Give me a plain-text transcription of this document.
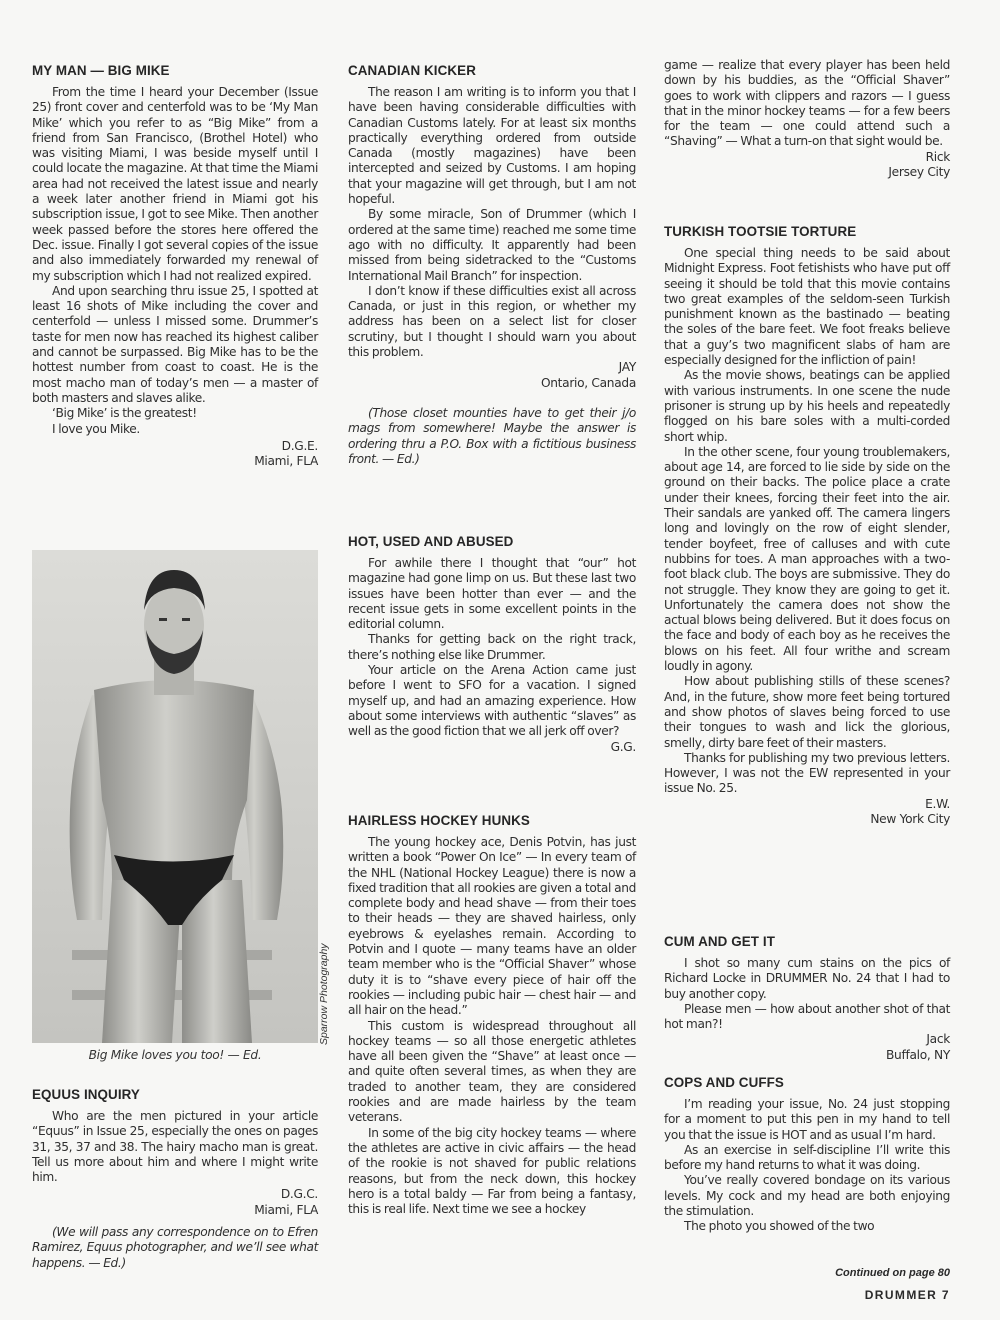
MY MAN — BIG MIKE

From the time I heard your December (Issue 25) front cover and centerfold was to be ‘My Man Mike’ which you refer to as “Big Mike” from a friend from San Francisco, (Brothel Hotel) who was visiting Miami, I was beside myself until I could locate the magazine. At that time the Miami area had not received the latest issue and nearly a week later another friend in Miami got his subscription issue, I got to see Mike. Then another week passed before the stores here offered the Dec. issue. Finally I got several copies of the issue and also immediately forwarded my renewal of my subscription which I had not realized expired.

And upon searching thru issue 25, I spotted at least 16 shots of Mike including the cover and centerfold — unless I missed some. Drummer’s taste for men now has reached its highest caliber and cannot be surpassed. Big Mike has to be the hottest number from coast to coast. He is the most macho man of today’s men — a master of both masters and slaves alike.

‘Big Mike’ is the greatest!

I love you Mike.

D.G.E.
Miami, FLA
Big Mike loves you too! — Ed.
EQUUS INQUIRY

Who are the men pictured in your article “Equus” in Issue 25, especially the ones on pages 31, 35, 37 and 38. The hairy macho man is great. Tell us more about him and where I might write him.

D.G.C.
Miami, FLA

(We will pass any correspondence on to Efren Ramirez, Equus photographer, and we’ll see what happens. — Ed.)

Sparrow Photography
CANADIAN KICKER

The reason I am writing is to inform you that I have been having considerable difficulties with Canadian Customs lately. For at least six months practically everything ordered from outside Canada (mostly magazines) have been intercepted and seized by Customs. I am hoping that your magazine will get through, but I am not hopeful.

By some miracle, Son of Drummer (which I ordered at the same time) reached me some time ago with no difficulty. It apparently had been missed from being sidetracked to the “Customs International Mail Branch” for inspection.

I don’t know if these difficulties exist all across Canada, or just in this region, or whether my address has been on a select list for closer scrutiny, but I thought I should warn you about this problem.

JAY
Ontario, Canada

(Those closet mounties have to get their j/o mags from somewhere! Maybe the answer is ordering thru a P.O. Box with a fictitious business front. — Ed.)

HOT, USED AND ABUSED

For awhile there I thought that “our” hot magazine had gone limp on us. But these last two issues have been hotter than ever — and the recent issue gets in some excellent points in the editorial column.

Thanks for getting back on the right track, there’s nothing else like Drummer.

Your article on the Arena Action came just before I went to SFO for a vacation. I signed myself up, and had an amazing experience. How about some interviews with authentic “slaves” as well as the good fiction that we all jerk off over?

G.G.
HAIRLESS HOCKEY HUNKS

The young hockey ace, Denis Potvin, has just written a book “Power On Ice” — In every team of the NHL (National Hockey League) there is now a fixed tradition that all rookies are given a total and complete body and head shave — from their toes to their heads — they are shaved hairless, only eyebrows & eyelashes remain. According to Potvin and I quote — many teams have an older team member who is the “Official Shaver” whose duty it is to “shave every piece of hair off the rookies — including pubic hair — chest hair — and all hair on the head.”

This custom is widespread throughout all hockey teams — so all those energetic athletes have all been given the “Shave” at least once — and quite often several times, as when they are traded to another team, they are considered rookies and are made hairless by the team veterans.

In some of the big city hockey teams — where the athletes are active in civic affairs — the head of the rookie is not shaved for public relations reasons, but from the neck down, this hockey hero is a total baldy — Far from being a fantasy, this is real life. Next time we see a hockey

game — realize that every player has been held down by his buddies, as the “Official Shaver” goes to work with clippers and razors — I guess that in the minor hockey teams — for a few beers for the team — one could attend such a “Shaving” — What a turn-on that sight would be.

Rick
Jersey City
TURKISH TOOTSIE TORTURE

One special thing needs to be said about Midnight Express. Foot fetishists who have put off seeing it should be told that this movie contains two great examples of the seldom-seen Turkish punishment known as the bastinado — beating the soles of the bare feet. We foot freaks believe that a guy’s two magnificent slabs of ham are especially designed for the infliction of pain!

As the movie shows, beatings can be applied with various instruments. In one scene the nude prisoner is strung up by his heels and repeatedly flogged on his bare soles with a multi-corded short whip.

In the other scene, four young troublemakers, about age 14, are forced to lie side by side on the ground on their backs. The police place a crate under their knees, forcing their feet into the air. Their sandals are yanked off. The camera lingers long and lovingly on the row of eight slender, tender boyfeet, free of calluses and with cute nubbins for toes. A man approaches with a two-foot black club. The boys are submissive. They do not struggle. They know they are going to get it. Unfortunately the camera does not show the actual blows being delivered. But it does focus on the face and body of each boy as he receives the blows on his feet. All four writhe and scream loudly in agony.

How about publishing stills of these scenes? And, in the future, show more feet being tortured and show photos of slaves being forced to use their tongues to wash and lick the glorious, smelly, dirty bare feet of their masters.

Thanks for publishing my two previous letters. However, I was not the EW represented in your issue No. 25.

E.W.
New York City
CUM AND GET IT

I shot so many cum stains on the pics of Richard Locke in DRUMMER No. 24 that I had to buy another copy.

Please men — how about another shot of that hot man?!

Jack
Buffalo, NY
COPS AND CUFFS

I’m reading your issue, No. 24 just stopping for a moment to put this pen in my hand to tell you that the issue is HOT and as usual I’m hard.

As an exercise in self-discipline I’ll write this before my hand returns to what it was doing.

You’ve really covered bondage on its various levels. My cock and my head are both enjoying the stimulation.

The photo you showed of the two

Continued on page 80
DRUMMER 7
